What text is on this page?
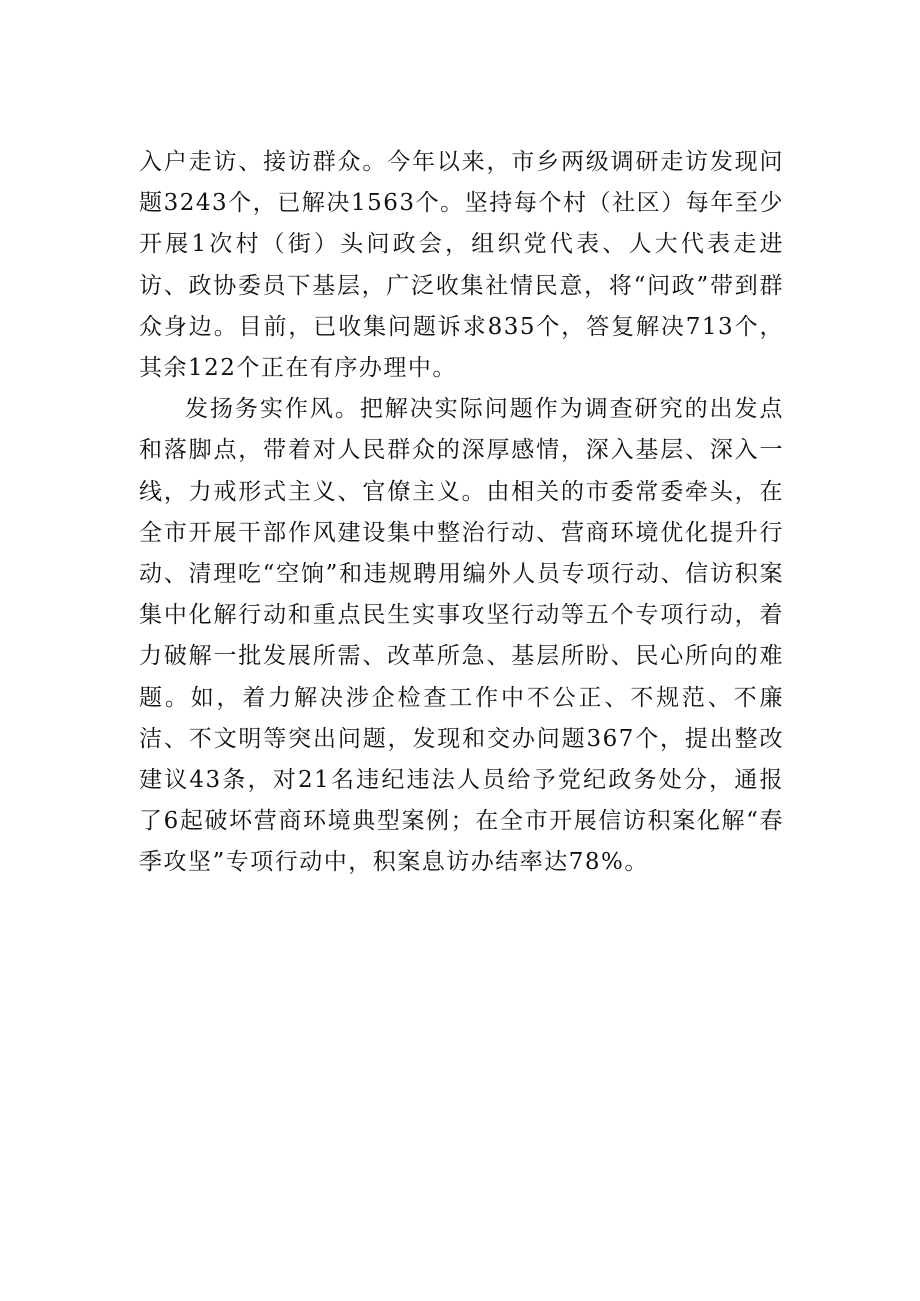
入户走访、接访群众。今年以来，市乡两级调研走访发现问题3243个，已解决1563个。坚持每个村（社区）每年至少开展1次村（街）头问政会，组织党代表、人大代表走进访、政协委员下基层，广泛收集社情民意，将“问政”带到群众身边。目前，已收集问题诉求835个，答复解决713个，其余122个正在有序办理中。

发扬务实作风。把解决实际问题作为调查研究的出发点和落脚点，带着对人民群众的深厚感情，深入基层、深入一线，力戒形式主义、官僚主义。由相关的市委常委牵头，在全市开展干部作风建设集中整治行动、营商环境优化提升行动、清理吃“空饷”和违规聘用编外人员专项行动、信访积案集中化解行动和重点民生实事攻坚行动等五个专项行动，着力破解一批发展所需、改革所急、基层所盼、民心所向的难题。如，着力解决涉企检查工作中不公正、不规范、不廉洁、不文明等突出问题，发现和交办问题367个，提出整改建议43条，对21名违纪违法人员给予党纪政务处分，通报了6起破坏营商环境典型案例；在全市开展信访积案化解“春季攻坚”专项行动中，积案息访办结率达78%。
